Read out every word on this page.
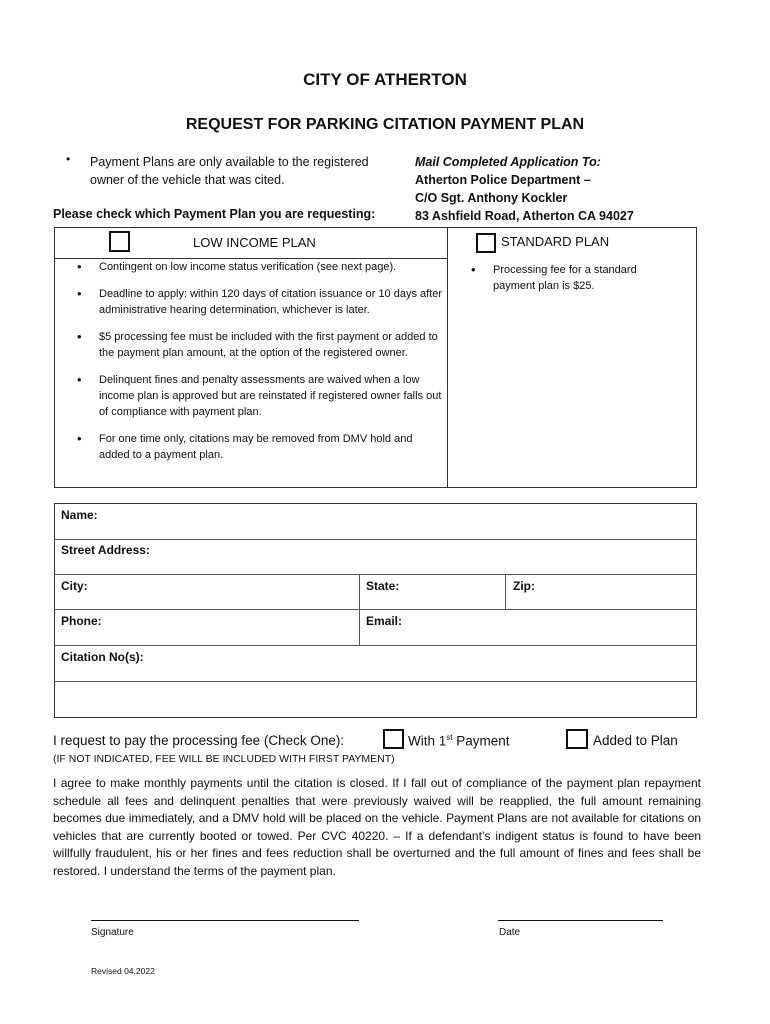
CITY OF ATHERTON
REQUEST FOR PARKING CITATION PAYMENT PLAN
• Payment Plans are only available to the registered owner of the vehicle that was cited.
Please check which Payment Plan you are requesting:
Mail Completed Application To:
Atherton Police Department –
C/O Sgt. Anthony Kockler
83 Ashfield Road, Atherton CA 94027
LOW INCOME PLAN	STANDARD PLAN
• Contingent on low income status verification (see next page).
• Deadline to apply: within 120 days of citation issuance or 10 days after administrative hearing determination, whichever is later.
• $5 processing fee must be included with the first payment or added to the payment plan amount, at the option of the registered owner.
• Delinquent fines and penalty assessments are waived when a low income plan is approved but are reinstated if registered owner falls out of compliance with payment plan.
• For one time only, citations may be removed from DMV hold and added to a payment plan.
• Processing fee for a standard payment plan is $25.
Name:
Street Address:
City:	State:	Zip:
Phone:	Email:
Citation No(s):
I request to pay the processing fee (Check One):	With 1st Payment	Added to Plan
(IF NOT INDICATED, FEE WILL BE INCLUDED WITH FIRST PAYMENT)
I agree to make monthly payments until the citation is closed. If I fall out of compliance of the payment plan repayment schedule all fees and delinquent penalties that were previously waived will be reapplied, the full amount remaining becomes due immediately, and a DMV hold will be placed on the vehicle. Payment Plans are not available for citations on vehicles that are currently booted or towed. Per CVC 40220. – If a defendant’s indigent status is found to have been willfully fraudulent, his or her fines and fees reduction shall be overturned and the full amount of fines and fees shall be restored. I understand the terms of the payment plan.
Signature	Date
Revised 04.2022
